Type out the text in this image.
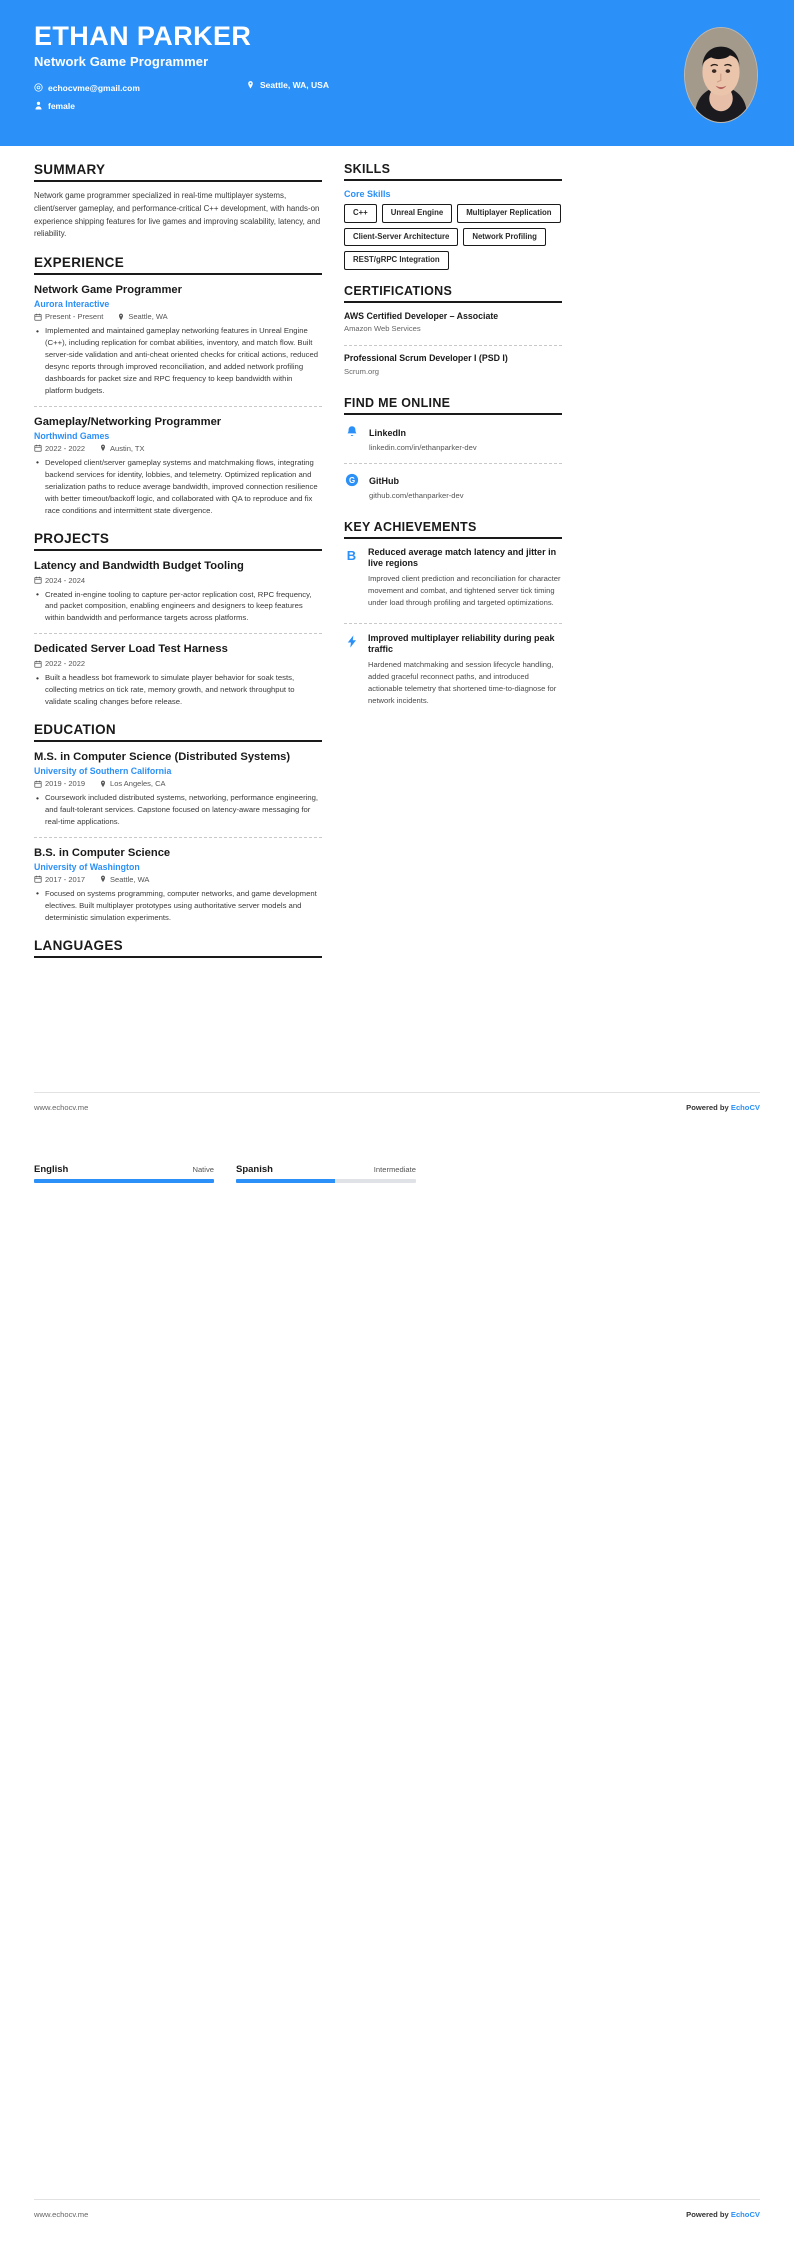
ETHAN PARKER
Network Game Programmer
echocvme@gmail.com	Seattle, WA, USA
female
SUMMARY
Network game programmer specialized in real-time multiplayer systems, client/server gameplay, and performance-critical C++ development, with hands-on experience shipping features for live games and improving scalability, latency, and reliability.
EXPERIENCE
Network Game Programmer
Aurora Interactive
Present - Present	Seattle, WA
• Implemented and maintained gameplay networking features in Unreal Engine (C++), including replication for combat abilities, inventory, and match flow. Built server-side validation and anti-cheat oriented checks for critical actions, reduced desync reports through improved reconciliation, and added network profiling dashboards for packet size and RPC frequency to keep bandwidth within platform budgets.
Gameplay/Networking Programmer
Northwind Games
2022 - 2022	Austin, TX
• Developed client/server gameplay systems and matchmaking flows, integrating backend services for identity, lobbies, and telemetry. Optimized replication and serialization paths to reduce average bandwidth, improved connection resilience with better timeout/backoff logic, and collaborated with QA to reproduce and fix race conditions and intermittent state divergence.
PROJECTS
Latency and Bandwidth Budget Tooling
2024 - 2024
• Created in-engine tooling to capture per-actor replication cost, RPC frequency, and packet composition, enabling engineers and designers to keep features within bandwidth and performance targets across platforms.
Dedicated Server Load Test Harness
2022 - 2022
• Built a headless bot framework to simulate player behavior for soak tests, collecting metrics on tick rate, memory growth, and network throughput to validate scaling changes before release.
EDUCATION
M.S. in Computer Science (Distributed Systems)
University of Southern California
2019 - 2019	Los Angeles, CA
• Coursework included distributed systems, networking, performance engineering, and fault-tolerant services. Capstone focused on latency-aware messaging for real-time applications.
B.S. in Computer Science
University of Washington
2017 - 2017	Seattle, WA
• Focused on systems programming, computer networks, and game development electives. Built multiplayer prototypes using authoritative server models and deterministic simulation experiments.
LANGUAGES
SKILLS
Core Skills
C++	Unreal Engine	Multiplayer Replication
Client-Server Architecture	Network Profiling
REST/gRPC Integration
CERTIFICATIONS
AWS Certified Developer – Associate
Amazon Web Services
Professional Scrum Developer I (PSD I)
Scrum.org
FIND ME ONLINE
LinkedIn
linkedin.com/in/ethanparker-dev
G GitHub
github.com/ethanparker-dev
KEY ACHIEVEMENTS
B	Reduced average match latency and jitter in live regions
Improved client prediction and reconciliation for character movement and combat, and tightened server tick timing under load through profiling and targeted optimizations.
Improved multiplayer reliability during peak traffic
Hardened matchmaking and session lifecycle handling, added graceful reconnect paths, and introduced actionable telemetry that shortened time-to-diagnose for network incidents.
www.echocv.me	Powered by EchoCV
English	Native Spanish	Intermediate
www.echocv.me	Powered by EchoCV
